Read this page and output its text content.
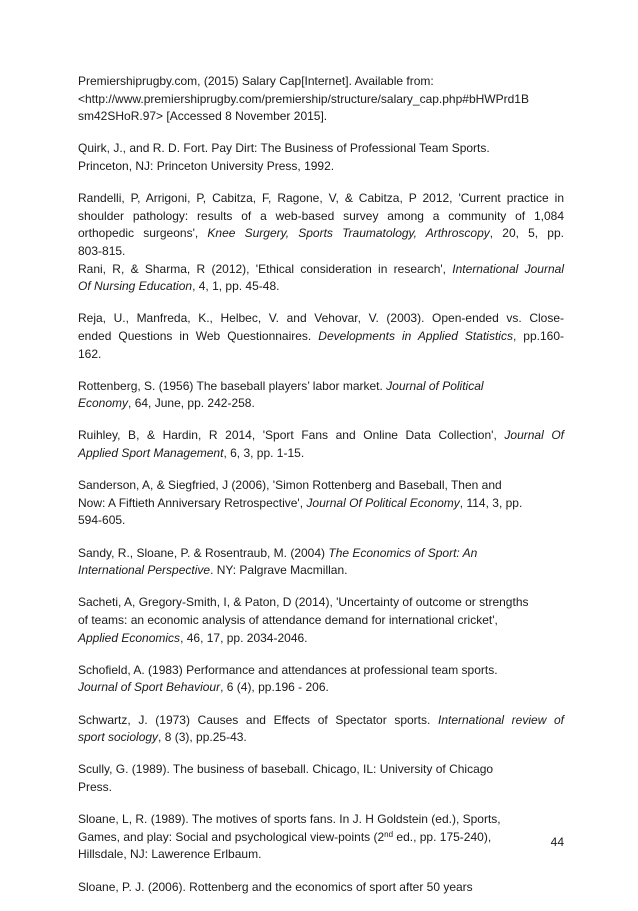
Premiershiprugby.com, (2015) Salary Cap[Internet]. Available from:

<http://www.premiershiprugby.com/premiership/structure/salary_cap.php#bHWPrd1B

sm42SHoR.97> [Accessed 8 November 2015].

Quirk, J., and R. D. Fort. Pay Dirt: The Business of Professional Team Sports.

Princeton, NJ: Princeton University Press, 1992.

Randelli, P, Arrigoni, P, Cabitza, F, Ragone, V, & Cabitza, P 2012, 'Current practice in

shoulder pathology: results of a web-based survey among a community of 1,084

orthopedic surgeons', Knee Surgery, Sports Traumatology, Arthroscopy, 20, 5, pp.

803-815.

Rani, R, & Sharma, R (2012), 'Ethical consideration in research', International Journal

Of Nursing Education, 4, 1, pp. 45-48.

Reja, U., Manfreda, K., Helbec, V. and Vehovar, V. (2003). Open-ended vs. Close-

ended Questions in Web Questionnaires. Developments in Applied Statistics, pp.160-

162.

Rottenberg, S. (1956) The baseball players’ labor market. Journal of Political

Economy, 64, June, pp. 242-258.

Ruihley, B, & Hardin, R 2014, 'Sport Fans and Online Data Collection', Journal Of

Applied Sport Management, 6, 3, pp. 1-15.

Sanderson, A, & Siegfried, J (2006), 'Simon Rottenberg and Baseball, Then and

Now: A Fiftieth Anniversary Retrospective', Journal Of Political Economy, 114, 3, pp.

594-605.

Sandy, R., Sloane, P. & Rosentraub, M. (2004) The Economics of Sport: An

International Perspective. NY: Palgrave Macmillan.

Sacheti, A, Gregory-Smith, I, & Paton, D (2014), 'Uncertainty of outcome or strengths

of teams: an economic analysis of attendance demand for international cricket',

Applied Economics, 46, 17, pp. 2034-2046.

Schofield, A. (1983) Performance and attendances at professional team sports.

Journal of Sport Behaviour, 6 (4), pp.196 - 206.

Schwartz, J. (1973) Causes and Effects of Spectator sports. International review of

sport sociology, 8 (3), pp.25-43.

Scully, G. (1989). The business of baseball. Chicago, IL: University of Chicago

Press.

Sloane, L, R. (1989). The motives of sports fans. In J. H Goldstein (ed.), Sports,

Games, and play: Social and psychological view-points (2nd ed., pp. 175-240),

Hillsdale, NJ: Lawerence Erlbaum.

Sloane, P. J. (2006). Rottenberg and the economics of sport after 50 years

44
